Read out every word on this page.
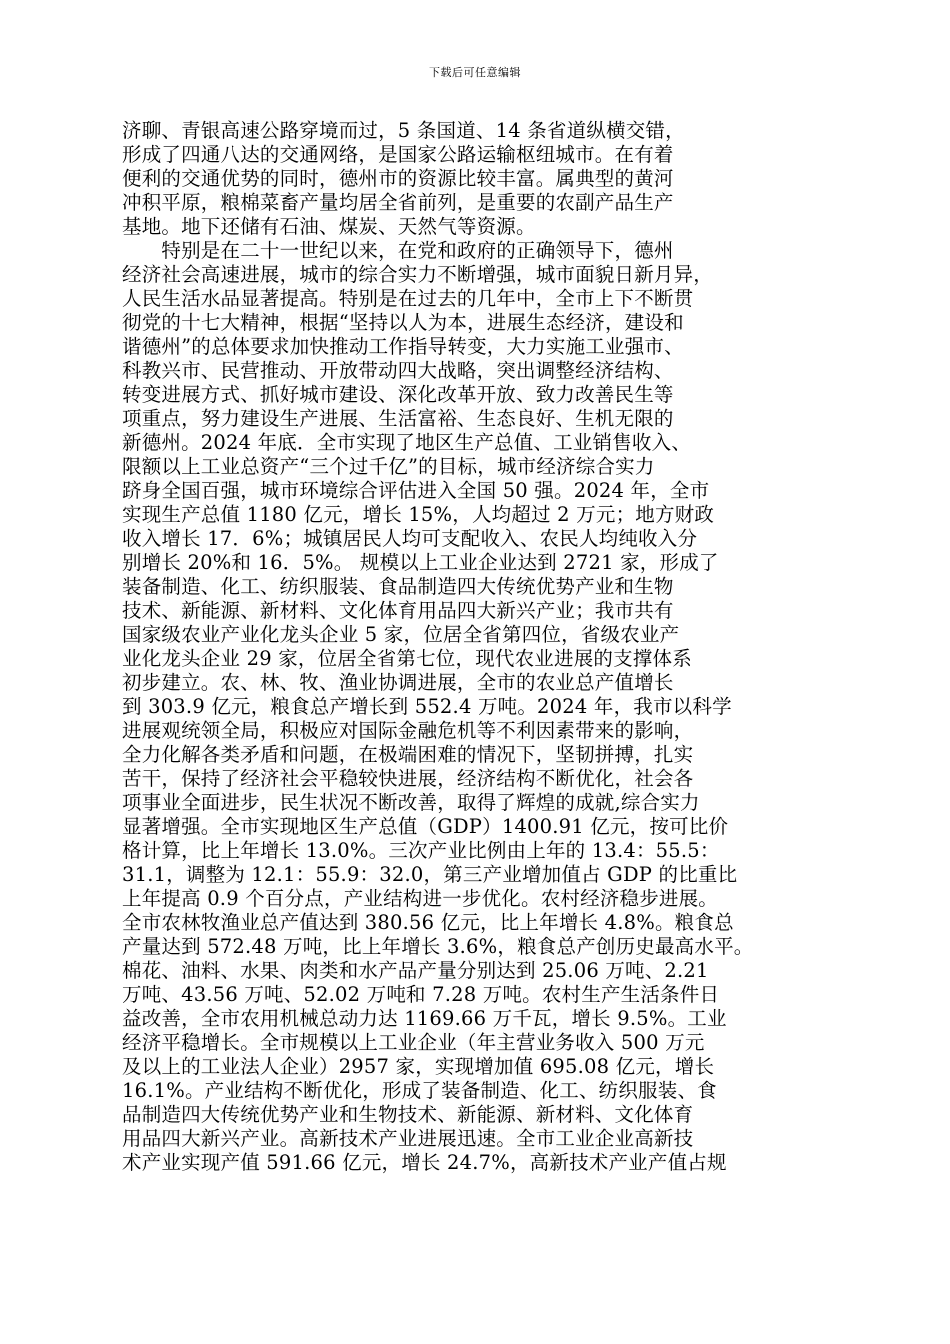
下载后可任意编辑
济聊、青银高速公路穿境而过，5 条国道、14 条省道纵横交错，
形成了四通八达的交通网络，是国家公路运输枢纽城市。在有着
便利的交通优势的同时，德州市的资源比较丰富。属典型的黄河
冲积平原，粮棉菜畜产量均居全省前列，是重要的农副产品生产
基地。地下还储有石油、煤炭、天然气等资源。
　　特别是在二十一世纪以来，在党和政府的正确领导下，德州
经济社会高速进展，城市的综合实力不断增强，城市面貌日新月异，
人民生活水品显著提高。特别是在过去的几年中，全市上下不断贯
彻党的十七大精神，根据“坚持以人为本，进展生态经济，建设和
谐德州”的总体要求加快推动工作指导转变，大力实施工业强市、
科教兴市、民营推动、开放带动四大战略，突出调整经济结构、
转变进展方式、抓好城市建设、深化改革开放、致力改善民生等
项重点，努力建设生产进展、生活富裕、生态良好、生机无限的
新德州。2024 年底．全市实现了地区生产总值、工业销售收入、
限额以上工业总资产“三个过千亿”的目标，城市经济综合实力
跻身全国百强，城市环境综合评估进入全国 50 强。2024 年，全市
实现生产总值 1180 亿元，增长 15%，人均超过 2 万元；地方财政
收入增长 17．6%；城镇居民人均可支配收入、农民人均纯收入分
别增长 20%和 16．5%。 规模以上工业企业达到 2721 家，形成了
装备制造、化工、纺织服装、食品制造四大传统优势产业和生物
技术、新能源、新材料、文化体育用品四大新兴产业；我市共有
国家级农业产业化龙头企业 5 家，位居全省第四位，省级农业产
业化龙头企业 29 家，位居全省第七位，现代农业进展的支撑体系
初步建立。农、林、牧、渔业协调进展，全市的农业总产值增长
到 303.9 亿元，粮食总产增长到 552.4 万吨。2024 年，我市以科学
进展观统领全局，积极应对国际金融危机等不利因素带来的影响，
全力化解各类矛盾和问题，在极端困难的情况下，坚韧拼搏，扎实
苦干，保持了经济社会平稳较快进展，经济结构不断优化，社会各
项事业全面进步，民生状况不断改善，取得了辉煌的成就,综合实力
显著增强。全市实现地区生产总值（GDP）1400.91 亿元，按可比价
格计算，比上年增长 13.0%。三次产业比例由上年的 13.4：55.5：
31.1，调整为 12.1：55.9：32.0，第三产业增加值占 GDP 的比重比
上年提高 0.9 个百分点，产业结构进一步优化。农村经济稳步进展。
全市农林牧渔业总产值达到 380.56 亿元，比上年增长 4.8%。粮食总
产量达到 572.48 万吨，比上年增长 3.6%，粮食总产创历史最高水平。
棉花、油料、水果、肉类和水产品产量分别达到 25.06 万吨、2.21
万吨、43.56 万吨、52.02 万吨和 7.28 万吨。农村生产生活条件日
益改善，全市农用机械总动力达 1169.66 万千瓦，增长 9.5%。工业
经济平稳增长。全市规模以上工业企业（年主营业务收入 500 万元
及以上的工业法人企业）2957 家，实现增加值 695.08 亿元，增长
16.1%。产业结构不断优化，形成了装备制造、化工、纺织服装、食
品制造四大传统优势产业和生物技术、新能源、新材料、文化体育
用品四大新兴产业。高新技术产业进展迅速。全市工业企业高新技
术产业实现产值 591.66 亿元，增长 24.7%，高新技术产业产值占规
